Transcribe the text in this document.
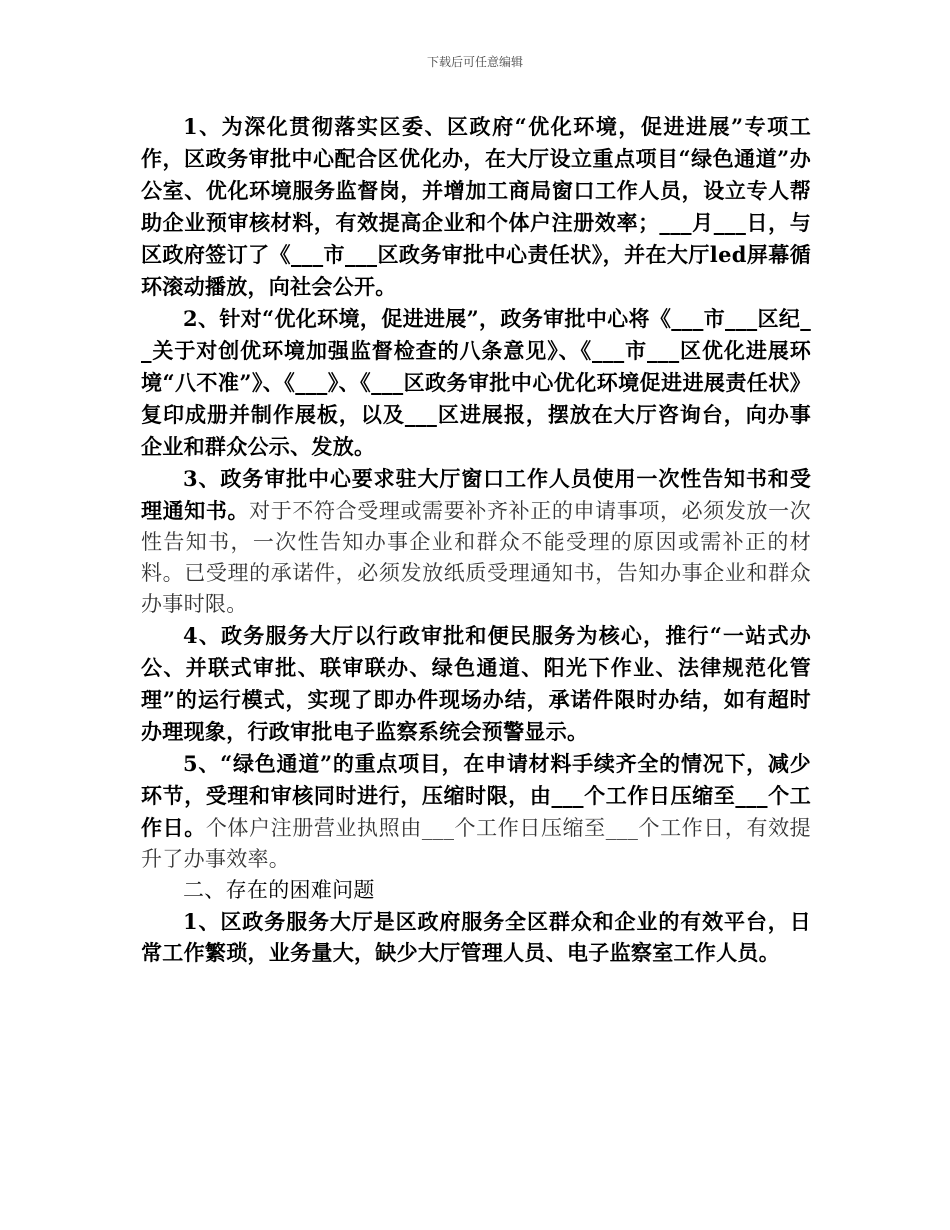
下载后可任意编辑

1、为深化贯彻落实区委、区政府“优化环境，促进进展”专项工作，区政务审批中心配合区优化办，在大厅设立重点项目“绿色通道”办公室、优化环境服务监督岗，并增加工商局窗口工作人员，设立专人帮助企业预审核材料，有效提高企业和个体户注册效率；___月___日，与区政府签订了《___市___区政务审批中心责任状》，并在大厅led屏幕循环滚动播放，向社会公开。

2、针对“优化环境，促进进展”，政务审批中心将《___市___区纪__关于对创优环境加强监督检查的八条意见》、《___市___区优化进展环境“八不准”》、《___》、《___区政务审批中心优化环境促进进展责任状》复印成册并制作展板，以及___区进展报，摆放在大厅咨询台，向办事企业和群众公示、发放。

3、政务审批中心要求驻大厅窗口工作人员使用一次性告知书和受理通知书。对于不符合受理或需要补齐补正的申请事项，必须发放一次性告知书，一次性告知办事企业和群众不能受理的原因或需补正的材料。已受理的承诺件，必须发放纸质受理通知书，告知办事企业和群众办事时限。

4、政务服务大厅以行政审批和便民服务为核心，推行“一站式办公、并联式审批、联审联办、绿色通道、阳光下作业、法律规范化管理”的运行模式，实现了即办件现场办结，承诺件限时办结，如有超时办理现象，行政审批电子监察系统会预警显示。

5、“绿色通道”的重点项目，在申请材料手续齐全的情况下，减少环节，受理和审核同时进行，压缩时限，由___个工作日压缩至___个工作日。个体户注册营业执照由___个工作日压缩至___个工作日，有效提升了办事效率。

二、存在的困难问题

1、区政务服务大厅是区政府服务全区群众和企业的有效平台，日常工作繁琐，业务量大，缺少大厅管理人员、电子监察室工作人员。
